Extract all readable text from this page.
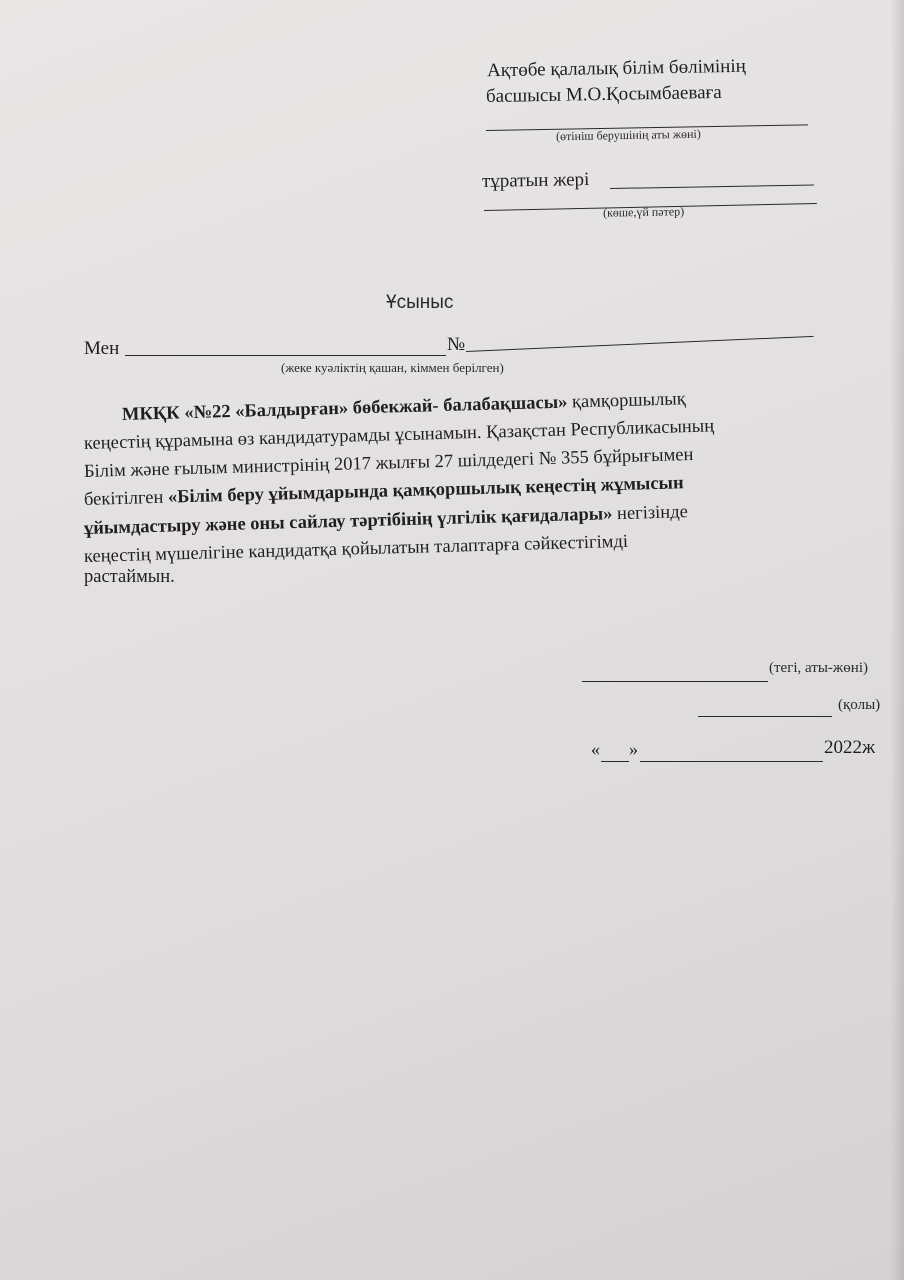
Ақтөбе қалалық білім бөлімінің
басшысы М.О.Қосымбаеваға
(өтініш берушінің аты жөні)
тұратын жері
(көше,үй пәтер)
Ұсыныс
Мен	№
(жеке куәліктің қашан, кіммен берілген)
МКҚК «№22 «Балдырған» бөбекжай- балабақшасы» қамқоршылық
кеңестің құрамына өз кандидатурамды ұсынамын. Қазақстан Республикасының
Білім және ғылым министрінің 2017 жылғы 27 шілдедегі № 355 бұйрығымен
бекітілген «Білім беру ұйымдарында қамқоршылық кеңестің жұмысын
ұйымдастыру және оны сайлау тәртібінің үлгілік қағидалары» негізінде
кеңестің мүшелігіне кандидатқа қойылатын талаптарға сәйкестігімді
растаймын.
(тегі, аты-жөні)
(қолы)
« »	2022ж
